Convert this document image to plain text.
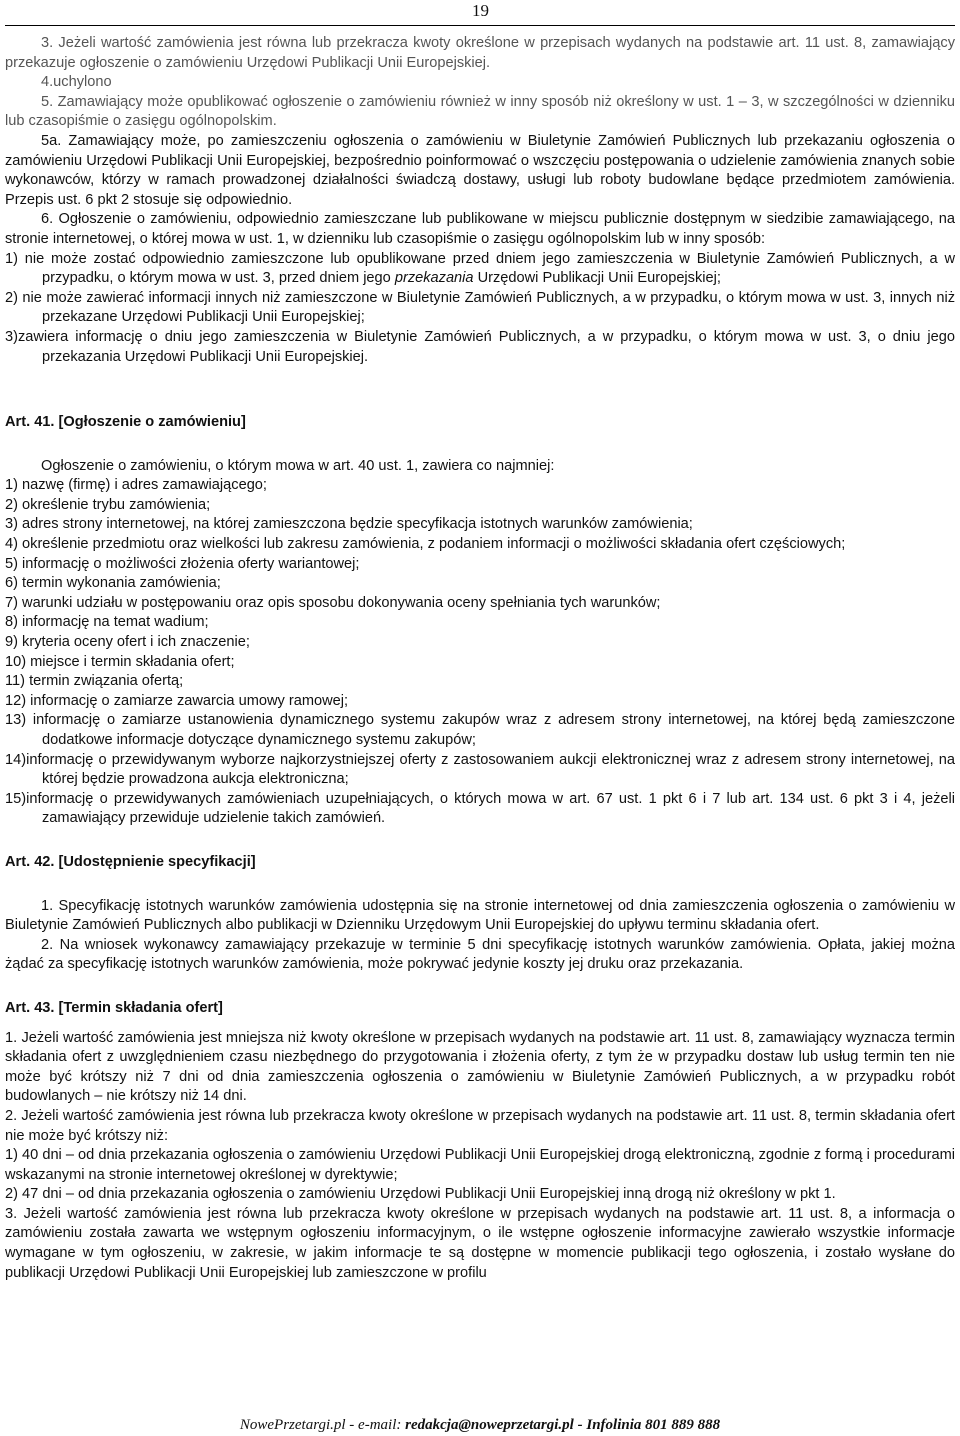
19

3. Jeżeli wartość zamówienia jest równa lub przekracza kwoty określone w przepisach wydanych na podstawie art. 11 ust. 8, zamawiający przekazuje ogłoszenie o zamówieniu Urzędowi Publikacji Unii Europejskiej.

4.uchylono

5. Zamawiający może opublikować ogłoszenie o zamówieniu również w inny sposób niż określony w ust. 1 – 3, w szczególności w dzienniku lub czasopiśmie o zasięgu ogólnopolskim.

5a. Zamawiający może, po zamieszczeniu ogłoszenia o zamówieniu w Biuletynie Zamówień Publicznych lub przekazaniu ogłoszenia o zamówieniu Urzędowi Publikacji Unii Europejskiej, bezpośrednio poinformować o wszczęciu postępowania o udzielenie zamówienia znanych sobie wykonawców, którzy w ramach prowadzonej działalności świadczą dostawy, usługi lub roboty budowlane będące przedmiotem zamówienia. Przepis ust. 6 pkt 2 stosuje się odpowiednio.

6. Ogłoszenie o zamówieniu, odpowiednio zamieszczane lub publikowane w miejscu publicznie dostępnym w siedzibie zamawiającego, na stronie internetowej, o której mowa w ust. 1, w dzienniku lub czasopiśmie o zasięgu ogólnopolskim lub w inny sposób:

1) nie może zostać odpowiednio zamieszczone lub opublikowane przed dniem jego zamieszczenia w Biuletynie Zamówień Publicznych, a w przypadku, o którym mowa w ust. 3, przed dniem jego przekazania Urzędowi Publikacji Unii Europejskiej;

2) nie może zawierać informacji innych niż zamieszczone w Biuletynie Zamówień Publicznych, a w przypadku, o którym mowa w ust. 3, innych niż przekazane Urzędowi Publikacji Unii Europejskiej;

3)zawiera informację o dniu jego zamieszczenia w Biuletynie Zamówień Publicznych, a w przypadku, o którym mowa w ust. 3, o dniu jego przekazania Urzędowi Publikacji Unii Europejskiej.

Art. 41. [Ogłoszenie o zamówieniu]

Ogłoszenie o zamówieniu, o którym mowa w art. 40 ust. 1, zawiera co najmniej:

1) nazwę (firmę) i adres zamawiającego;

2) określenie trybu zamówienia;

3) adres strony internetowej, na której zamieszczona będzie specyfikacja istotnych warunków zamówienia;

4) określenie przedmiotu oraz wielkości lub zakresu zamówienia, z podaniem informacji o możliwości składania ofert częściowych;

5) informację o możliwości złożenia oferty wariantowej;

6) termin wykonania zamówienia;

7) warunki udziału w postępowaniu oraz opis sposobu dokonywania oceny spełniania tych warunków;

8) informację na temat wadium;

9) kryteria oceny ofert i ich znaczenie;

10) miejsce i termin składania ofert;

11) termin związania ofertą;

12) informację o zamiarze zawarcia umowy ramowej;

13) informację o zamiarze ustanowienia dynamicznego systemu zakupów wraz z adresem strony internetowej, na której będą zamieszczone dodatkowe informacje dotyczące dynamicznego systemu zakupów;

14)informację o przewidywanym wyborze najkorzystniejszej oferty z zastosowaniem aukcji elektronicznej wraz z adresem strony internetowej, na której będzie prowadzona aukcja elektroniczna;

15)informację o przewidywanych zamówieniach uzupełniających, o których mowa w art. 67 ust. 1 pkt 6 i 7 lub art. 134 ust. 6 pkt 3 i 4, jeżeli zamawiający przewiduje udzielenie takich zamówień.

Art. 42. [Udostępnienie specyfikacji]

1. Specyfikację istotnych warunków zamówienia udostępnia się na stronie internetowej od dnia zamieszczenia ogłoszenia o zamówieniu w Biuletynie Zamówień Publicznych albo publikacji w Dzienniku Urzędowym Unii Europejskiej do upływu terminu składania ofert.

2. Na wniosek wykonawcy zamawiający przekazuje w terminie 5 dni specyfikację istotnych warunków zamówienia. Opłata, jakiej można żądać za specyfikację istotnych warunków zamówienia, może pokrywać jedynie koszty jej druku oraz przekazania.

Art. 43. [Termin składania ofert]

1. Jeżeli wartość zamówienia jest mniejsza niż kwoty określone w przepisach wydanych na podstawie art. 11 ust. 8, zamawiający wyznacza termin składania ofert z uwzględnieniem czasu niezbędnego do przygotowania i złożenia oferty, z tym że w przypadku dostaw lub usług termin ten nie może być krótszy niż 7 dni od dnia zamieszczenia ogłoszenia o zamówieniu w Biuletynie Zamówień Publicznych, a w przypadku robót budowlanych – nie krótszy niż 14 dni.

2. Jeżeli wartość zamówienia jest równa lub przekracza kwoty określone w przepisach wydanych na podstawie art. 11 ust. 8, termin składania ofert nie może być krótszy niż:

1) 40 dni – od dnia przekazania ogłoszenia o zamówieniu Urzędowi Publikacji Unii Europejskiej drogą elektroniczną, zgodnie z formą i procedurami wskazanymi na stronie internetowej określonej w dyrektywie;

2) 47 dni – od dnia przekazania ogłoszenia o zamówieniu Urzędowi Publikacji Unii Europejskiej inną drogą niż określony w pkt 1.

3. Jeżeli wartość zamówienia jest równa lub przekracza kwoty określone w przepisach wydanych na podstawie art. 11 ust. 8, a informacja o zamówieniu została zawarta we wstępnym ogłoszeniu informacyjnym, o ile wstępne ogłoszenie informacyjne zawierało wszystkie informacje wymagane w tym ogłoszeniu, w zakresie, w jakim informacje te są dostępne w momencie publikacji tego ogłoszenia, i zostało wysłane do publikacji Urzędowi Publikacji Unii Europejskiej lub zamieszczone w profilu

NowePrzetargi.pl - e-mail: redakcja@noweprzetargi.pl - Infolinia 801 889 888
